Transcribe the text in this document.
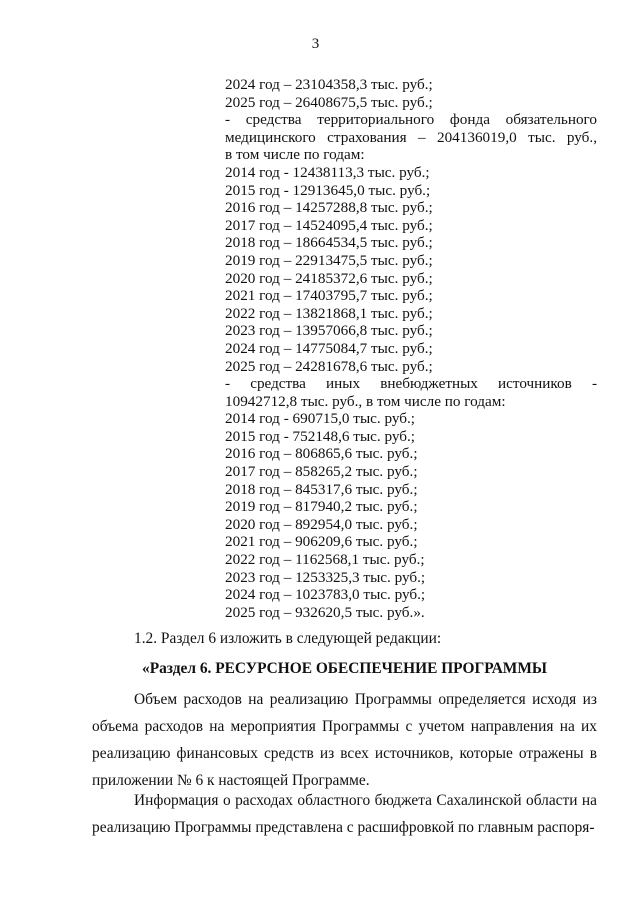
3
2024 год – 23104358,3 тыс. руб.;
2025 год – 26408675,5 тыс. руб.;
- средства территориального фонда обязательного
медицинского страхования – 204136019,0 тыс. руб.,
в том числе по годам:
2014 год - 12438113,3 тыс. руб.;
2015 год - 12913645,0 тыс. руб.;
2016 год – 14257288,8 тыс. руб.;
2017 год – 14524095,4 тыс. руб.;
2018 год – 18664534,5 тыс. руб.;
2019 год – 22913475,5 тыс. руб.;
2020 год – 24185372,6 тыс. руб.;
2021 год – 17403795,7 тыс. руб.;
2022 год – 13821868,1 тыс. руб.;
2023 год – 13957066,8 тыс. руб.;
2024 год – 14775084,7 тыс. руб.;
2025 год – 24281678,6 тыс. руб.;
- средства иных внебюджетных источников -
10942712,8 тыс. руб., в том числе по годам:
2014 год - 690715,0 тыс. руб.;
2015 год - 752148,6 тыс. руб.;
2016 год – 806865,6 тыс. руб.;
2017 год – 858265,2 тыс. руб.;
2018 год – 845317,6 тыс. руб.;
2019 год – 817940,2 тыс. руб.;
2020 год – 892954,0 тыс. руб.;
2021 год – 906209,6 тыс. руб.;
2022 год – 1162568,1 тыс. руб.;
2023 год – 1253325,3 тыс. руб.;
2024 год – 1023783,0 тыс. руб.;
2025 год – 932620,5 тыс. руб.».
1.2. Раздел 6 изложить в следующей редакции:
«Раздел 6. РЕСУРСНОЕ ОБЕСПЕЧЕНИЕ ПРОГРАММЫ
Объем расходов на реализацию Программы определяется исходя из объема расходов на мероприятия Программы с учетом направления на их реализацию финансовых средств из всех источников, которые отражены в приложении № 6 к настоящей Программе.
Информация о расходах областного бюджета Сахалинской области на реализацию Программы представлена с расшифровкой по главным распоря-
